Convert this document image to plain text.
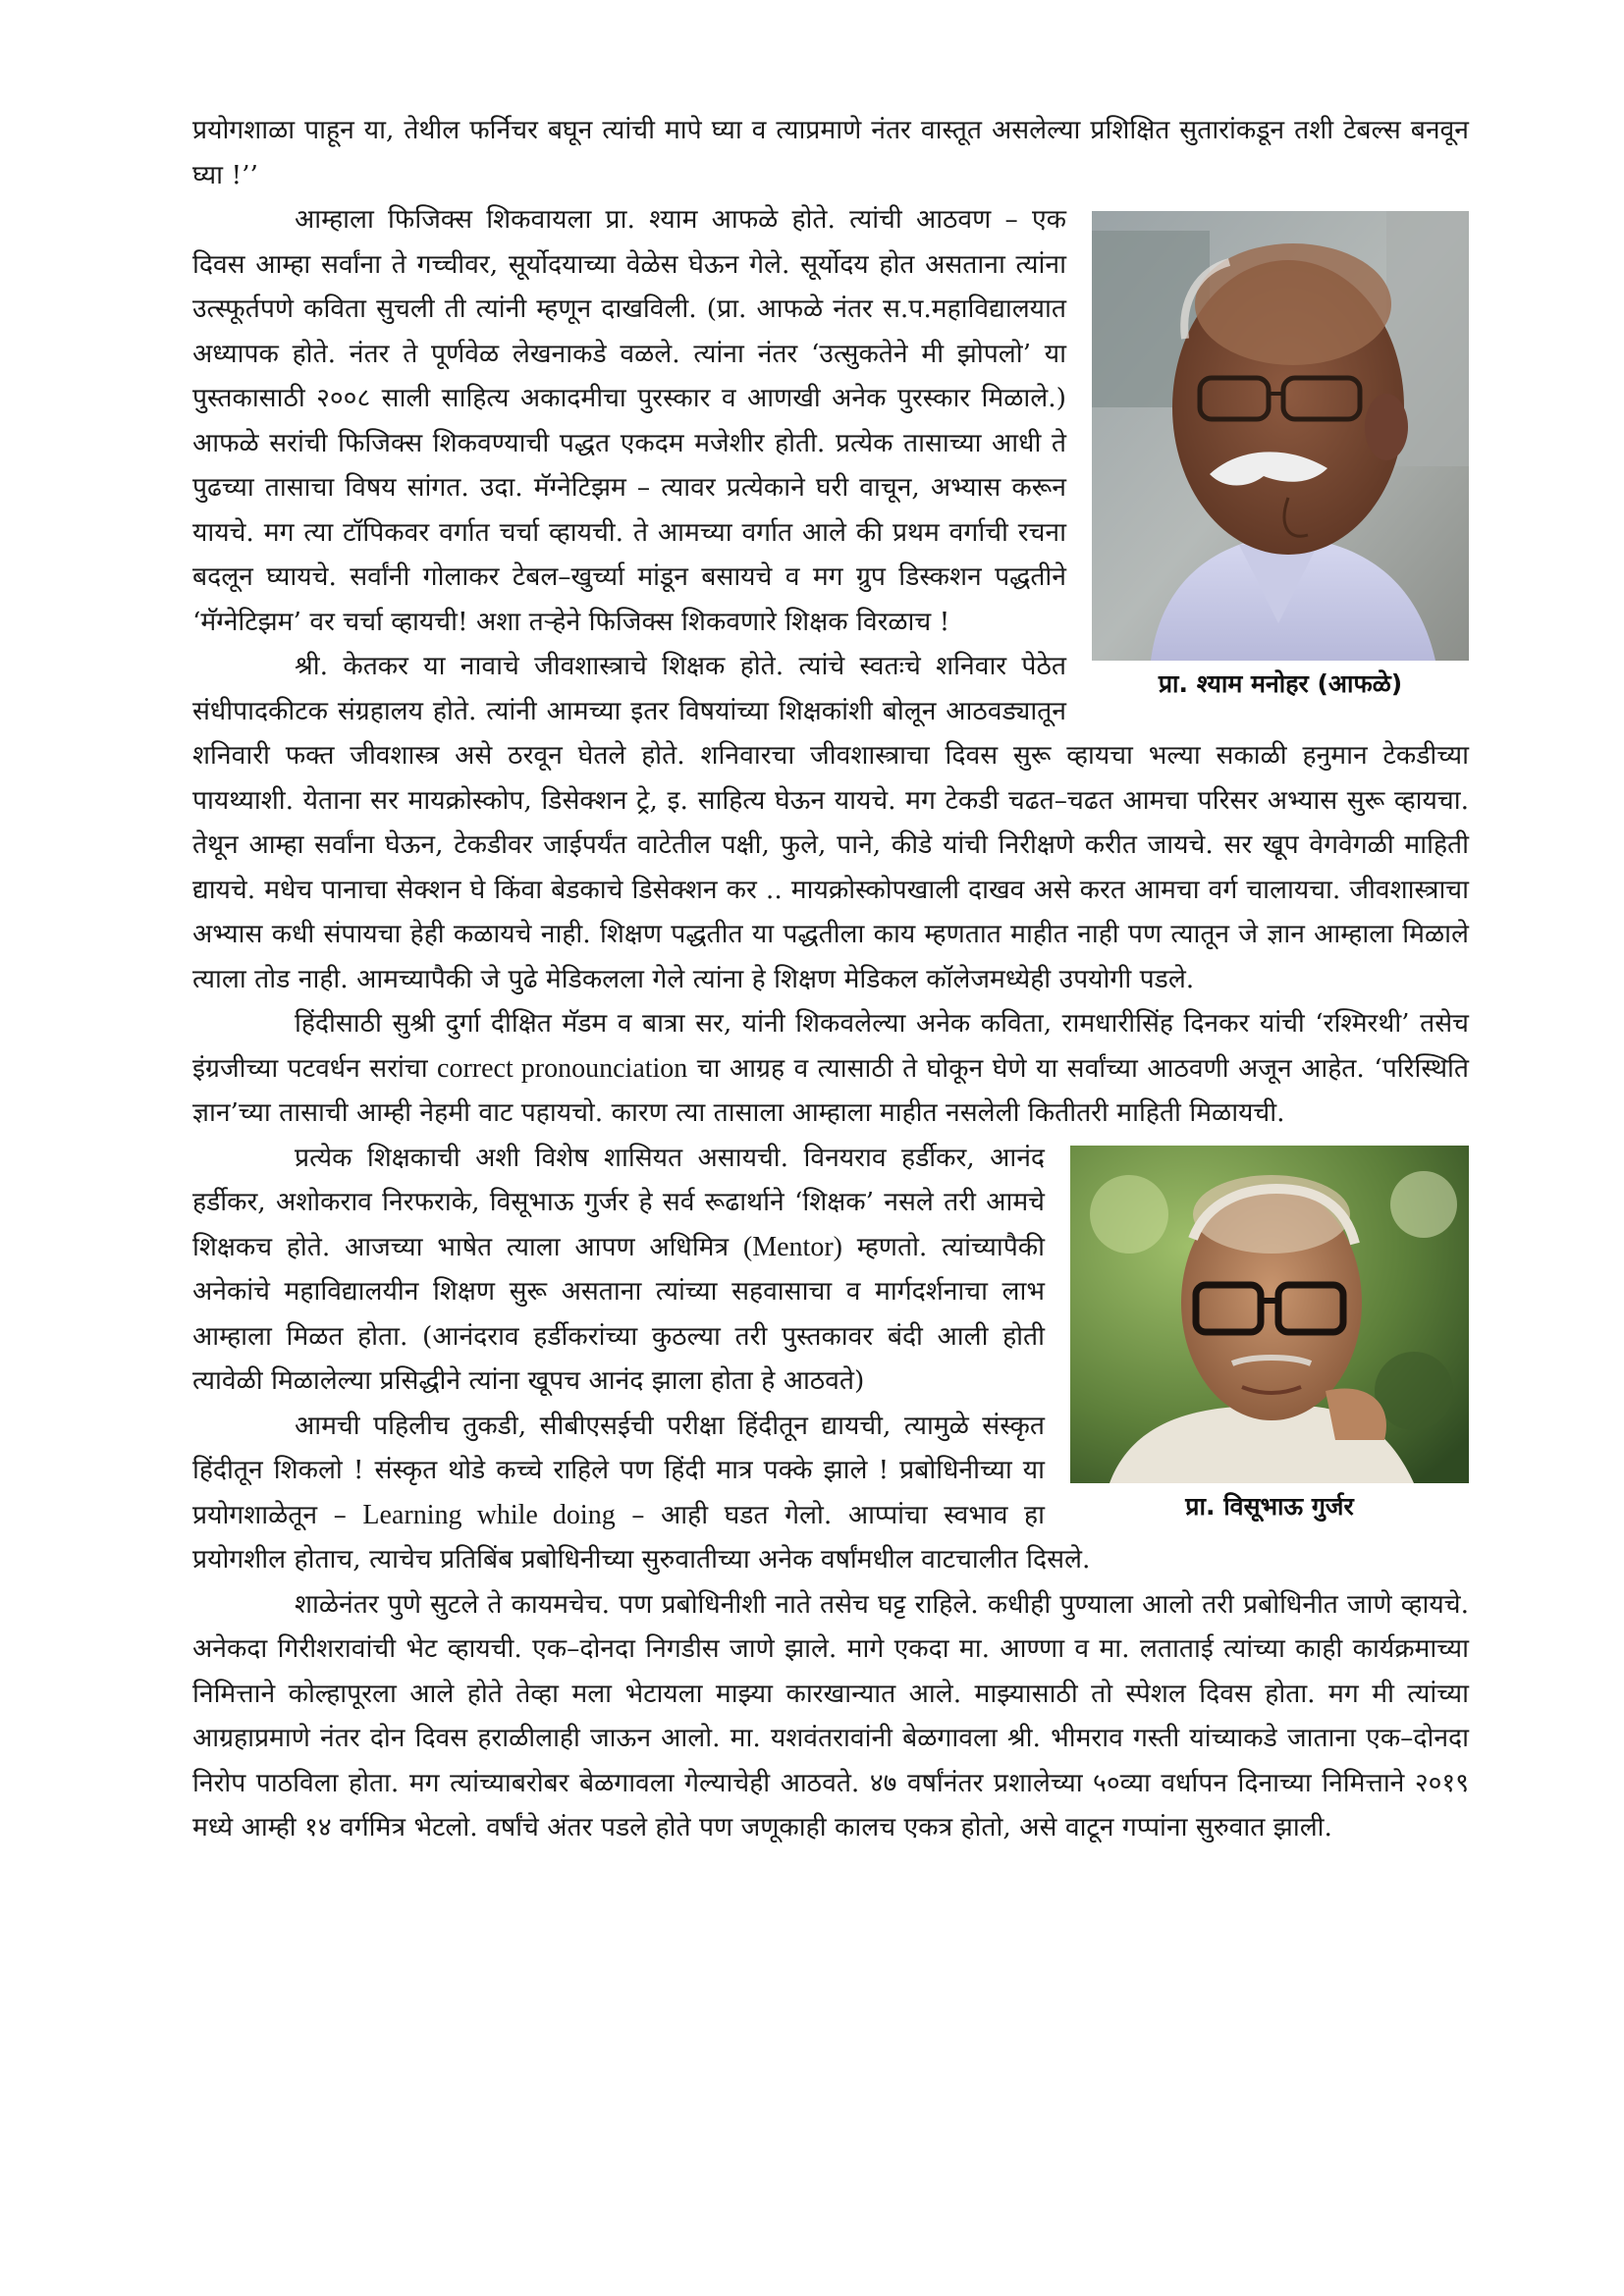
प्रयोगशाळा पाहून या, तेथील फर्निचर बघून त्यांची मापे घ्या व त्याप्रमाणे नंतर वास्तूत असलेल्या प्रशिक्षित सुतारांकडून तशी टेबल्स बनवून घ्या !’’

प्रा. श्याम मनोहर (आफळे)

आम्हाला फिजिक्स शिकवायला प्रा. श्याम आफळे होते. त्यांची आठवण – एक दिवस आम्हा सर्वांना ते गच्चीवर, सूर्योदयाच्या वेळेस घेऊन गेले. सूर्योदय होत असताना त्यांना उत्स्फूर्तपणे कविता सुचली ती त्यांनी म्हणून दाखविली. (प्रा. आफळे नंतर स.प.महाविद्यालयात अध्यापक होते. नंतर ते पूर्णवेळ लेखनाकडे वळले. त्यांना नंतर ‘उत्सुकतेने मी झोपलो’ या पुस्तकासाठी २००८ साली साहित्य अकादमीचा पुरस्कार व आणखी अनेक पुरस्कार मिळाले.) आफळे सरांची फिजिक्स शिकवण्याची पद्धत एकदम मजेशीर होती. प्रत्येक तासाच्या आधी ते पुढच्या तासाचा विषय सांगत. उदा. मॅग्नेटिझम – त्यावर प्रत्येकाने घरी वाचून, अभ्यास करून यायचे. मग त्या टॉपिकवर वर्गात चर्चा व्हायची. ते आमच्या वर्गात आले की प्रथम वर्गाची रचना बदलून घ्यायचे. सर्वांनी गोलाकर टेबल–खुर्च्या मांडून बसायचे व मग ग्रुप डिस्कशन पद्धतीने ‘मॅग्नेटिझम’ वर चर्चा व्हायची! अशा तऱ्हेने फिजिक्स शिकवणारे शिक्षक विरळाच !

श्री. केतकर या नावाचे जीवशास्त्राचे शिक्षक होते. त्यांचे स्वतःचे शनिवार पेठेत संधीपादकीटक संग्रहालय होते. त्यांनी आमच्या इतर विषयांच्या शिक्षकांशी बोलून आठवड्यातून शनिवारी फक्त जीवशास्त्र असे ठरवून घेतले होते. शनिवारचा जीवशास्त्राचा दिवस सुरू व्हायचा भल्या सकाळी हनुमान टेकडीच्या पायथ्याशी. येताना सर मायक्रोस्कोप, डिसेक्शन ट्रे, इ. साहित्य घेऊन यायचे. मग टेकडी चढत–चढत आमचा परिसर अभ्यास सुरू व्हायचा. तेथून आम्हा सर्वांना घेऊन, टेकडीवर जाईपर्यंत वाटेतील पक्षी, फुले, पाने, कीडे यांची निरीक्षणे करीत जायचे. सर खूप वेगवेगळी माहिती द्यायचे. मधेच पानाचा सेक्शन घे किंवा बेडकाचे डिसेक्शन कर .. मायक्रोस्कोपखाली दाखव असे करत आमचा वर्ग चालायचा. जीवशास्त्राचा अभ्यास कधी संपायचा हेही कळायचे नाही. शिक्षण पद्धतीत या पद्धतीला काय म्हणतात माहीत नाही पण त्यातून जे ज्ञान आम्हाला मिळाले त्याला तोड नाही. आमच्यापैकी जे पुढे मेडिकलला गेले त्यांना हे शिक्षण मेडिकल कॉलेजमध्येही उपयोगी पडले.

हिंदीसाठी सुश्री दुर्गा दीक्षित मॅडम व बात्रा सर, यांनी शिकवलेल्या अनेक कविता, रामधारीसिंह दिनकर यांची ‘रश्मिरथी’ तसेच इंग्रजीच्या पटवर्धन सरांचा correct pronounciation चा आग्रह व त्यासाठी ते घोकून घेणे या सर्वांच्या आठवणी अजून आहेत. ‘परिस्थिति ज्ञान’च्या तासाची आम्ही नेहमी वाट पहायचो. कारण त्या तासाला आम्हाला माहीत नसलेली कितीतरी माहिती मिळायची.

प्रा. विसूभाऊ गुर्जर

प्रत्येक शिक्षकाची अशी विशेष शासियत असायची. विनयराव हर्डीकर, आनंद हर्डीकर, अशोकराव निरफराके, विसूभाऊ गुर्जर हे सर्व रूढार्थाने ‘शिक्षक’ नसले तरी आमचे शिक्षकच होते. आजच्या भाषेत त्याला आपण अधिमित्र (Mentor) म्हणतो. त्यांच्यापैकी अनेकांचे महाविद्यालयीन शिक्षण सुरू असताना त्यांच्या सहवासाचा व मार्गदर्शनाचा लाभ आम्हाला मिळत होता. (आनंदराव हर्डीकरांच्या कुठल्या तरी पुस्तकावर बंदी आली होती त्यावेळी मिळालेल्या प्रसिद्धीने त्यांना खूपच आनंद झाला होता हे आठवते)

आमची पहिलीच तुकडी, सीबीएसईची परीक्षा हिंदीतून द्यायची, त्यामुळे संस्कृत हिंदीतून शिकलो ! संस्कृत थोडे कच्चे राहिले पण हिंदी मात्र पक्के झाले ! प्रबोधिनीच्या या प्रयोगशाळेतून – Learning while doing – आही घडत गेलो. आप्पांचा स्वभाव हा प्रयोगशील होताच, त्याचेच प्रतिबिंब प्रबोधिनीच्या सुरुवातीच्या अनेक वर्षांमधील वाटचालीत दिसले.

शाळेनंतर पुणे सुटले ते कायमचेच. पण प्रबोधिनीशी नाते तसेच घट्ट राहिले. कधीही पुण्याला आलो तरी प्रबोधिनीत जाणे व्हायचे. अनेकदा गिरीशरावांची भेट व्हायची. एक–दोनदा निगडीस जाणे झाले. मागे एकदा मा. आण्णा व मा. लताताई त्यांच्या काही कार्यक्रमाच्या निमित्ताने कोल्हापूरला आले होते तेव्हा मला भेटायला माझ्या कारखान्यात आले. माझ्यासाठी तो स्पेशल दिवस होता. मग मी त्यांच्या आग्रहाप्रमाणे नंतर दोन दिवस हराळीलाही जाऊन आलो. मा. यशवंतरावांनी बेळगावला श्री. भीमराव गस्ती यांच्याकडे जाताना एक–दोनदा निरोप पाठविला होता. मग त्यांच्याबरोबर बेळगावला गेल्याचेही आठवते. ४७ वर्षांनंतर प्रशालेच्या ५०व्या वर्धापन दिनाच्या निमित्ताने २०१९ मध्ये आम्ही १४ वर्गमित्र भेटलो. वर्षांचे अंतर पडले होते पण जणूकाही कालच एकत्र होतो, असे वाटून गप्पांना सुरुवात झाली.
